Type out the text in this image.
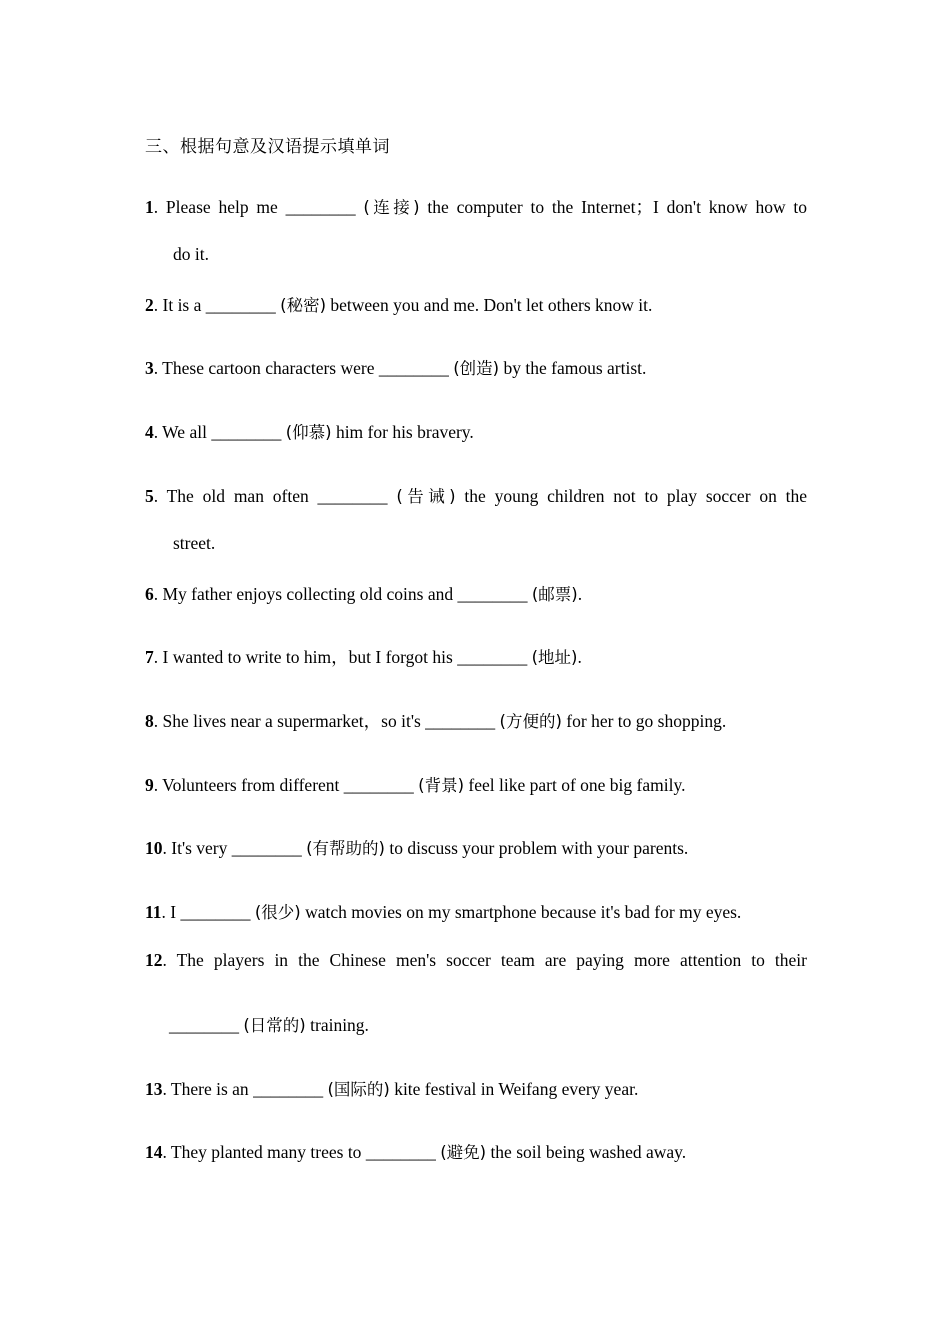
三、根据句意及汉语提示填单词
1. Please help me ________ (连接) the computer to the Internet；I don't know how to
do it.
2. It is a ________ (秘密) between you and me. Don't let others know it.
3. These cartoon characters were ________ (创造) by the famous artist.
4. We all ________ (仰慕) him for his bravery.
5. The old man often ________ (告诫) the young children not to play soccer on the
street.
6. My father enjoys collecting old coins and ________ (邮票).
7. I wanted to write to him，but I forgot his ________ (地址).
8. She lives near a supermarket，so it's ________ (方便的) for her to go shopping.
9. Volunteers from different ________ (背景) feel like part of one big family.
10. It's very ________ (有帮助的) to discuss your problem with your parents.
11. I ________ (很少) watch movies on my smartphone because it's bad for my eyes.
12. The players in the Chinese men's soccer team are paying more attention to their
________ (日常的) training.
13. There is an ________ (国际的) kite festival in Weifang every year.
14. They planted many trees to ________ (避免) the soil being washed away.
